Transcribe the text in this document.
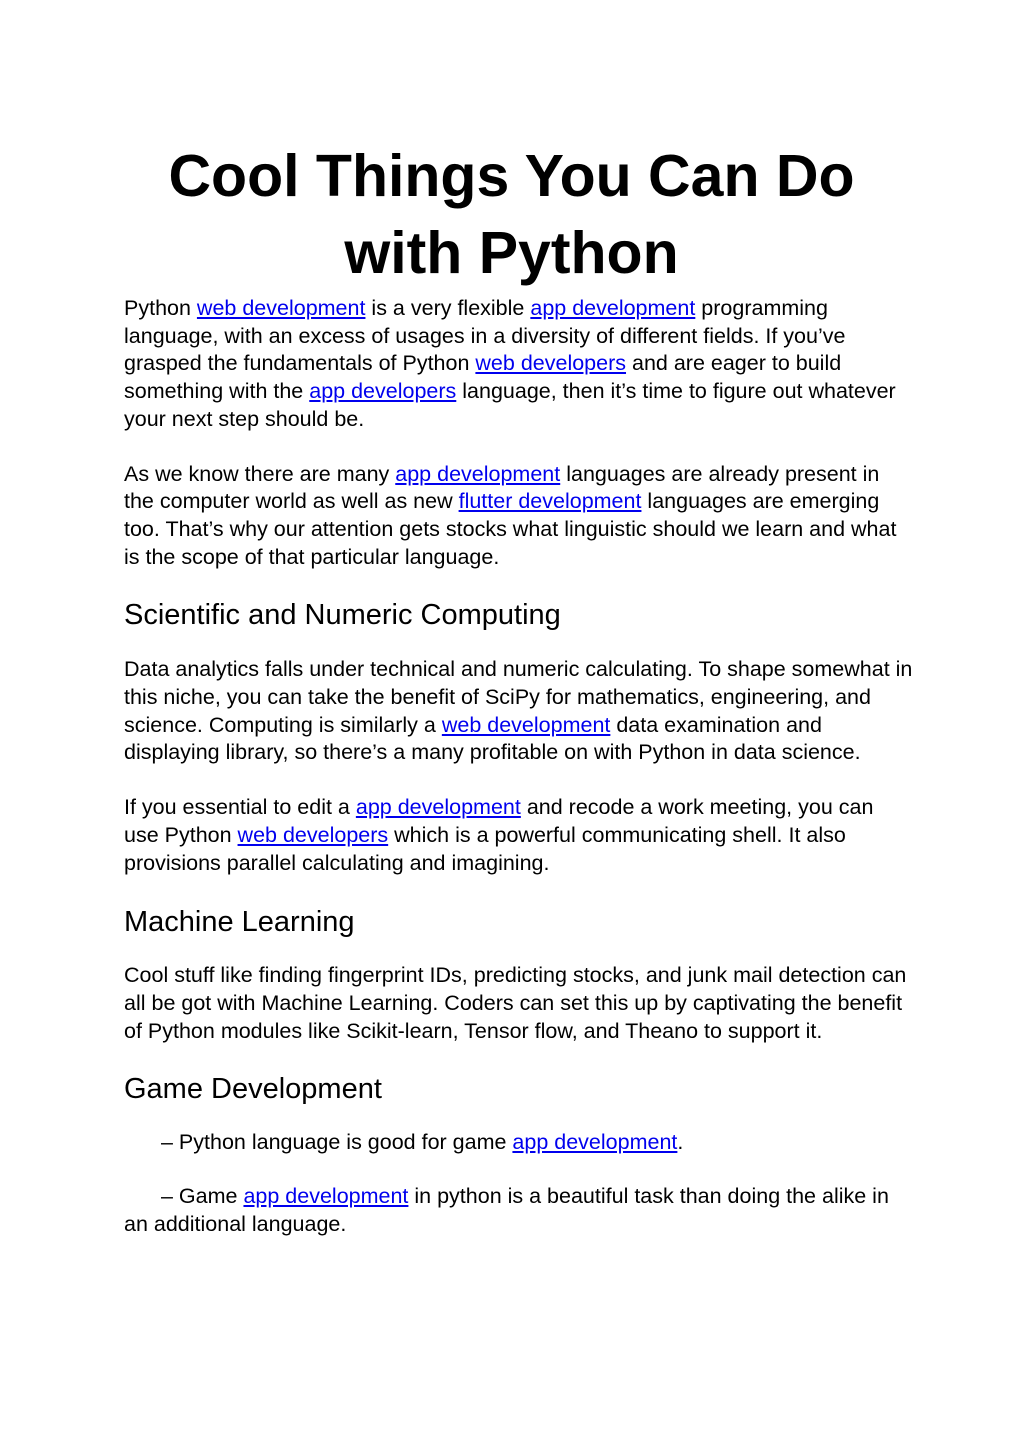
Cool Things You Can Do
with Python

Python web development is a very flexible app development programming language, with an excess of usages in a diversity of different fields. If you’ve grasped the fundamentals of Python web developers and are eager to build something with the app developers language, then it’s time to figure out whatever your next step should be.

As we know there are many app development languages are already present in the computer world as well as new flutter development languages are emerging too. That’s why our attention gets stocks what linguistic should we learn and what is the scope of that particular language.

Scientific and Numeric Computing

Data analytics falls under technical and numeric calculating. To shape somewhat in this niche, you can take the benefit of SciPy for mathematics, engineering, and science. Computing is similarly a web development data examination and displaying library, so there’s a many profitable on with Python in data science.

If you essential to edit a app development and recode a work meeting, you can use Python web developers which is a powerful communicating shell. It also provisions parallel calculating and imagining.

Machine Learning

Cool stuff like finding fingerprint IDs, predicting stocks, and junk mail detection can all be got with Machine Learning. Coders can set this up by captivating the benefit of Python modules like Scikit-learn, Tensor flow, and Theano to support it.

Game Development

– Python language is good for game app development.

– Game app development in python is a beautiful task than doing the alike in an additional language.
